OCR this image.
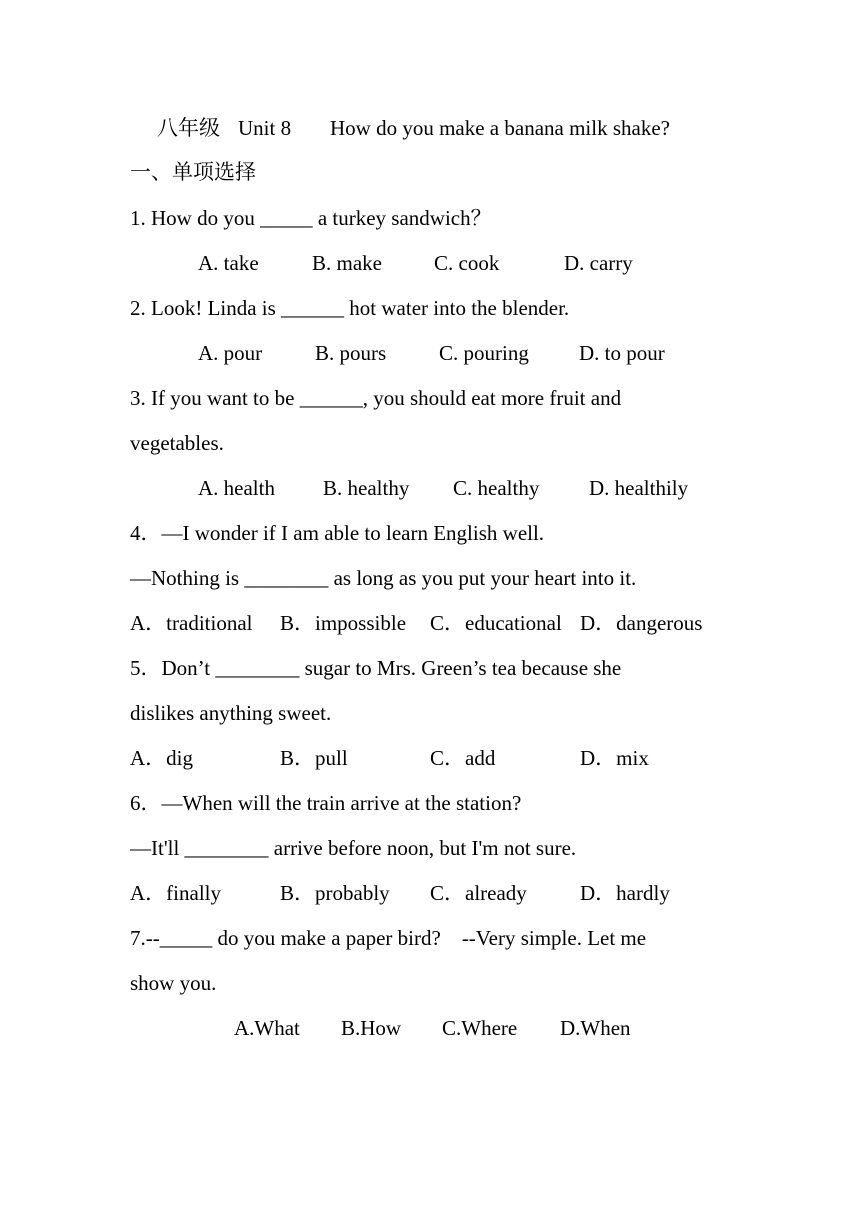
八年级 Unit 8 How do you make a banana milk shake?
一、单项选择
1. How do you _____ a turkey sandwich？
A. take	B. make C. cook	D. carry
2. Look! Linda is ______ hot water into the blender.
A. pour	B. pours	C. pouring D. to pour
3. If you want to be ______, you should eat more fruit and
vegetables.
A. health B. healthy C. healthy D. healthily
4．—I wonder if I am able to learn English well.
—Nothing is ________ as long as you put your heart into it.
A．traditional B．impossible C．educational D．dangerous
5．Don’t ________ sugar to Mrs. Green’s tea because she
dislikes anything sweet.
A．dig	B．pull	C．add	D．mix
6．—When will the train arrive at the station?
—It'll ________ arrive before noon, but I'm not sure.
A．finally	B．probably C．already	D．hardly
7.--_____ do you make a paper bird?    --Very simple. Let me
show you.
A.What B.How C.Where D.When
